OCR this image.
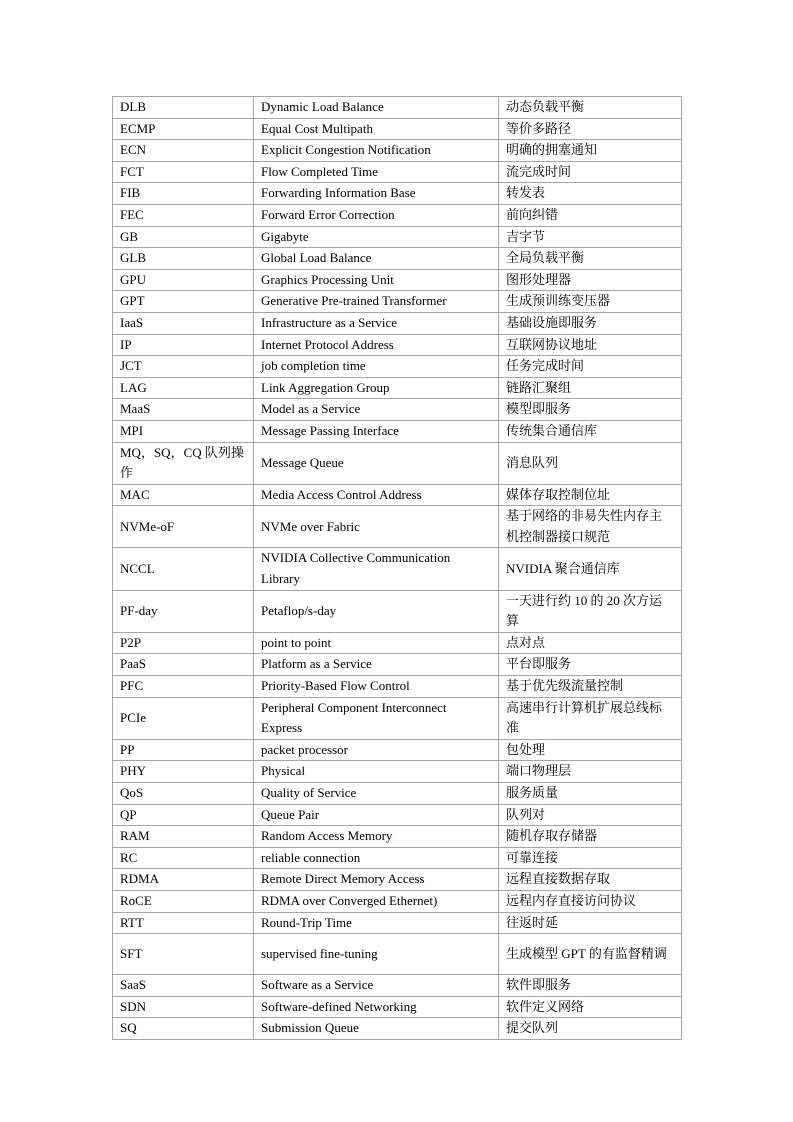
DLB	Dynamic Load Balance	动态负载平衡
ECMP	Equal Cost Multipath	等价多路径
ECN	Explicit Congestion Notification	明确的拥塞通知
FCT	Flow Completed Time	流完成时间
FIB	Forwarding Information Base	转发表
FEC	Forward Error Correction	前向纠错
GB	Gigabyte	吉字节
GLB	Global Load Balance	全局负载平衡
GPU	Graphics Processing Unit	图形处理器
GPT	Generative Pre-trained Transformer	生成预训练变压器
IaaS	Infrastructure as a Service	基础设施即服务
IP	Internet Protocol Address	互联网协议地址
JCT	job completion time	任务完成时间
LAG	Link Aggregation Group	链路汇聚组
MaaS	Model as a Service	模型即服务
MPI	Message Passing Interface	传统集合通信库
MQ，SQ，CQ 队列操作	Message Queue	消息队列
MAC	Media Access Control Address	媒体存取控制位址
NVMe-oF	NVMe over Fabric	基于网络的非易失性内存主机控制器接口规范
NCCL	NVIDIA Collective Communication Library	NVIDIA 聚合通信库
PF-day	Petaflop/s-day	一天进行约 10 的 20 次方运算
P2P	point to point	点对点
PaaS	Platform as a Service	平台即服务
PFC	Priority-Based Flow Control	基于优先级流量控制
PCIe	Peripheral Component Interconnect Express	高速串行计算机扩展总线标准
PP	packet processor	包处理
PHY	Physical	端口物理层
QoS	Quality of Service	服务质量
QP	Queue Pair	队列对
RAM	Random Access Memory	随机存取存储器
RC	reliable connection	可靠连接
RDMA	Remote Direct Memory Access	远程直接数据存取
RoCE	RDMA over Converged Ethernet)	远程内存直接访问协议
RTT	Round-Trip Time	往返时延
SFT	supervised fine-tuning	生成模型 GPT 的有监督精调
SaaS	Software as a Service	软件即服务
SDN	Software-defined Networking	软件定义网络
SQ	Submission Queue	提交队列
